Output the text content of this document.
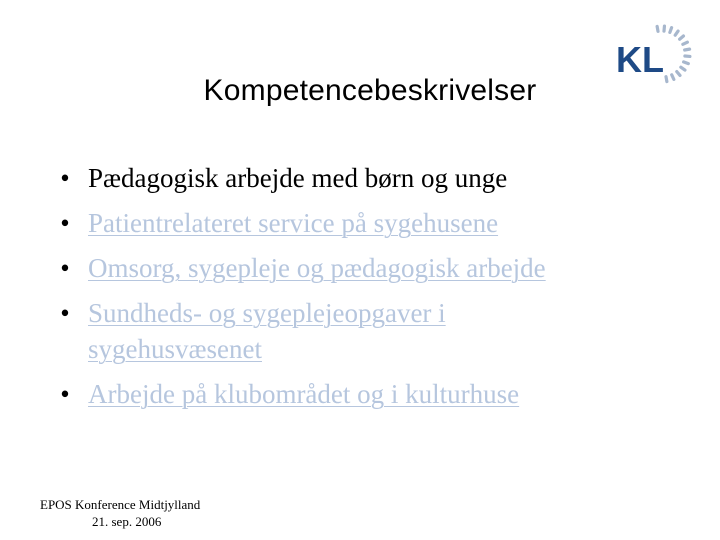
KL
Kompetencebeskrivelser
• Pædagogisk arbejde med børn og unge
• Patientrelateret service på sygehusene
• Omsorg, sygepleje og pædagogisk arbejde
• Sundheds- og sygeplejeopgaver i sygehusvæsenet
• Arbejde på klubområdet og i kulturhuse
EPOS Konference Midtjylland
21. sep. 2006
